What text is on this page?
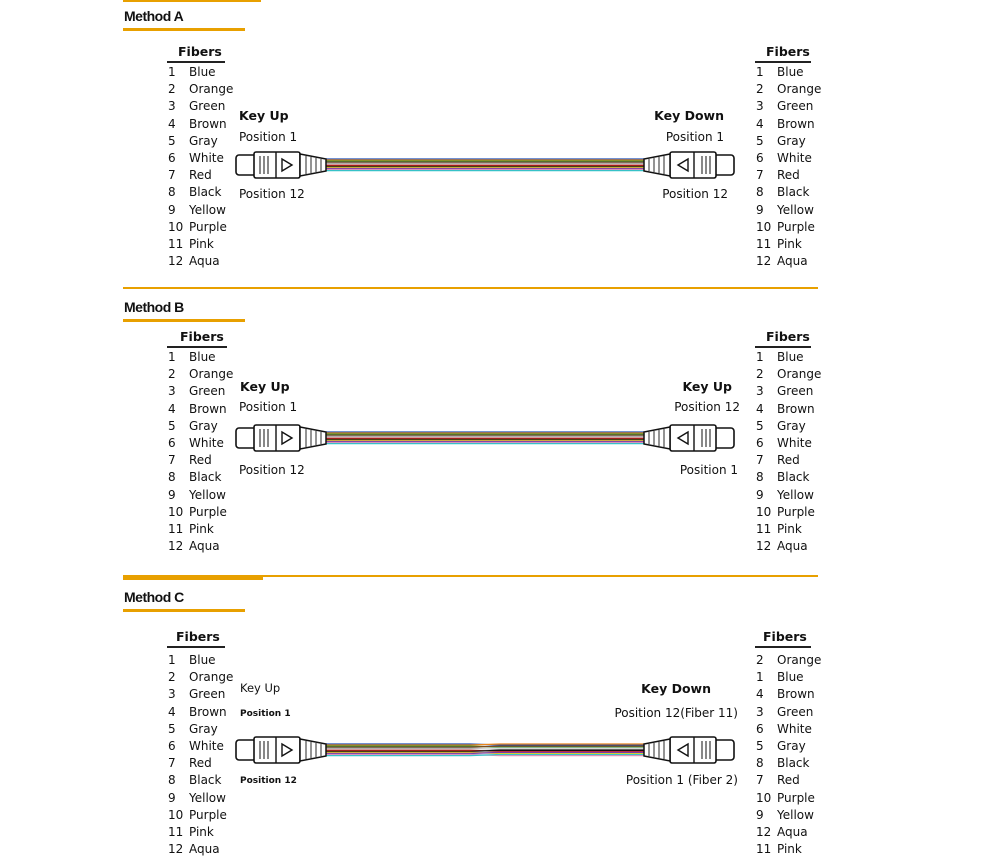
Method A
Fibers
1 Blue
2 Orange
3 Green
4 Brown
5 Gray
6 White
7 Red
8 Black
9 Yellow
10 Purple
11 Pink
12 Aqua
Fibers
1 Blue
2 Orange
3 Green
4 Brown
5 Gray
6 White
7 Red
8 Black
9 Yellow
10 Purple
11 Pink
12 Aqua
Key Up
Position 1
Position 12
Key Down
Position 1
Position 12
Method B
Fibers
1 Blue
2 Orange
3 Green
4 Brown
5 Gray
6 White
7 Red
8 Black
9 Yellow
10 Purple
11 Pink
12 Aqua
Fibers
1 Blue
2 Orange
3 Green
4 Brown
5 Gray
6 White
7 Red
8 Black
9 Yellow
10 Purple
11 Pink
12 Aqua
Key Up
Position 1
Position 12
Key Up
Position 12
Position 1
Method C
Fibers
1 Blue
2 Orange
3 Green
4 Brown
5 Gray
6 White
7 Red
8 Black
9 Yellow
10 Purple
11 Pink
12 Aqua
Fibers
2 Orange
1 Blue
4 Brown
3 Green
6 White
5 Gray
8 Black
7 Red
10 Purple
9 Yellow
12 Aqua
11 Pink
Key Up
Position 1
Position 12
Key Down
Position 12(Fiber 11)
Position 1 (Fiber 2)
